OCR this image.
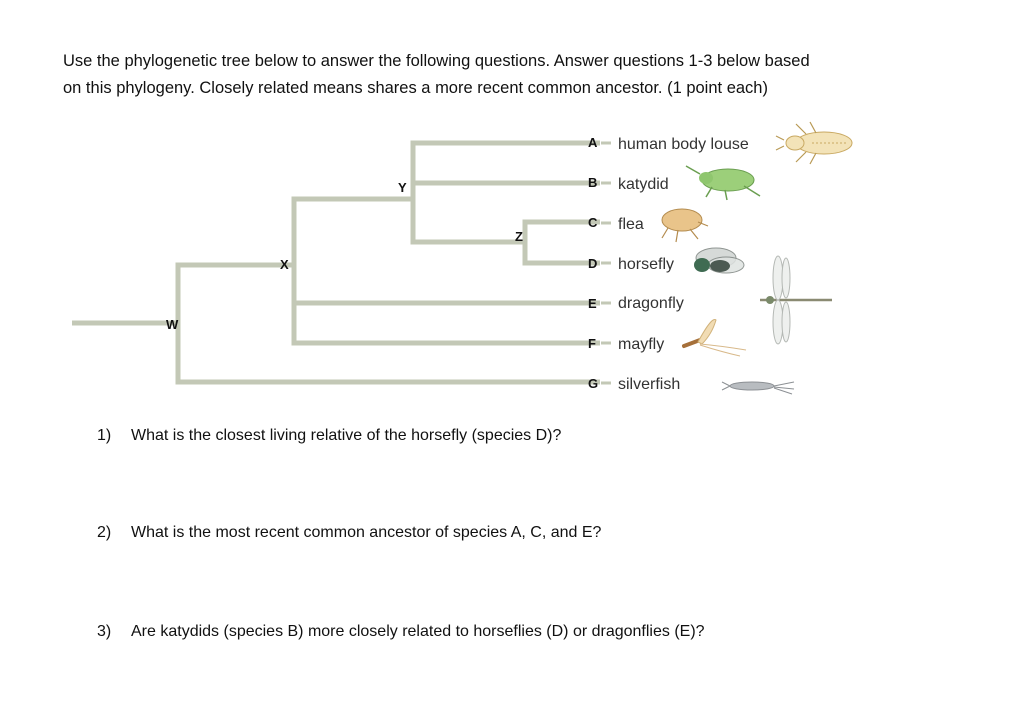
Use the phylogenetic tree below to answer the following questions. Answer questions 1-3 below based
on this phylogeny. Closely related means shares a more recent common ancestor. (1 point each)

W
X
Y
Z
A
B
C
D
E
F
G
human body louse
katydid
flea
horsefly
dragonfly
mayfly
silverfish
1) What is the closest living relative of the horsefly (species D)?
2) What is the most recent common ancestor of species A, C, and E?
3) Are katydids (species B) more closely related to horseflies (D) or dragonflies (E)?
